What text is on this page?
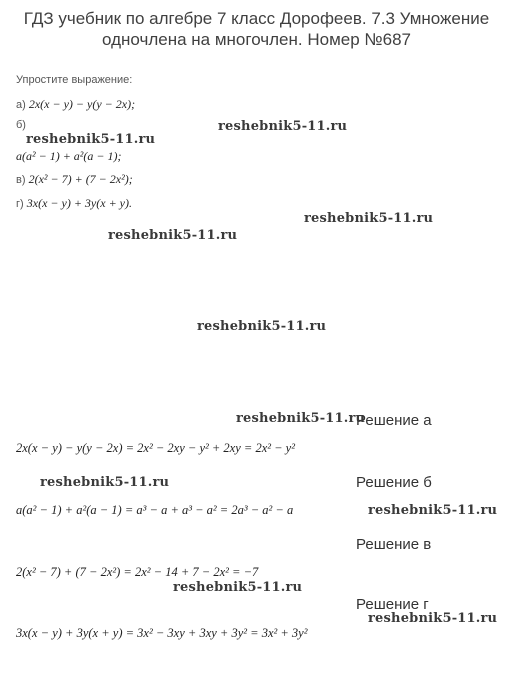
ГДЗ учебник по алгебре 7 класс Дорофеев. 7.3 Умножение
одночлена на многочлен. Номер №687
Упростите выражение:
а) 2x(x − y) − y(y − 2x);
б)
a(a² − 1) + a²(a − 1);
в) 2(x² − 7) + (7 − 2x²);
г) 3x(x − y) + 3y(x + y).
Решение а
2x(x − y) − y(y − 2x) = 2x² − 2xy − y² + 2xy = 2x² − y²
Решение б
a(a² − 1) + a²(a − 1) = a³ − a + a³ − a² = 2a³ − a² − a
Решение в
2(x² − 7) + (7 − 2x²) = 2x² − 14 + 7 − 2x² = −7
Решение г
3x(x − y) + 3y(x + y) = 3x² − 3xy + 3xy + 3y² = 3x² + 3y²
reshebnik5-11.ru
reshebnik5-11.ru
reshebnik5-11.ru
reshebnik5-11.ru
reshebnik5-11.ru
reshebnik5-11.ru
reshebnik5-11.ru
reshebnik5-11.ru
reshebnik5-11.ru
reshebnik5-11.ru
